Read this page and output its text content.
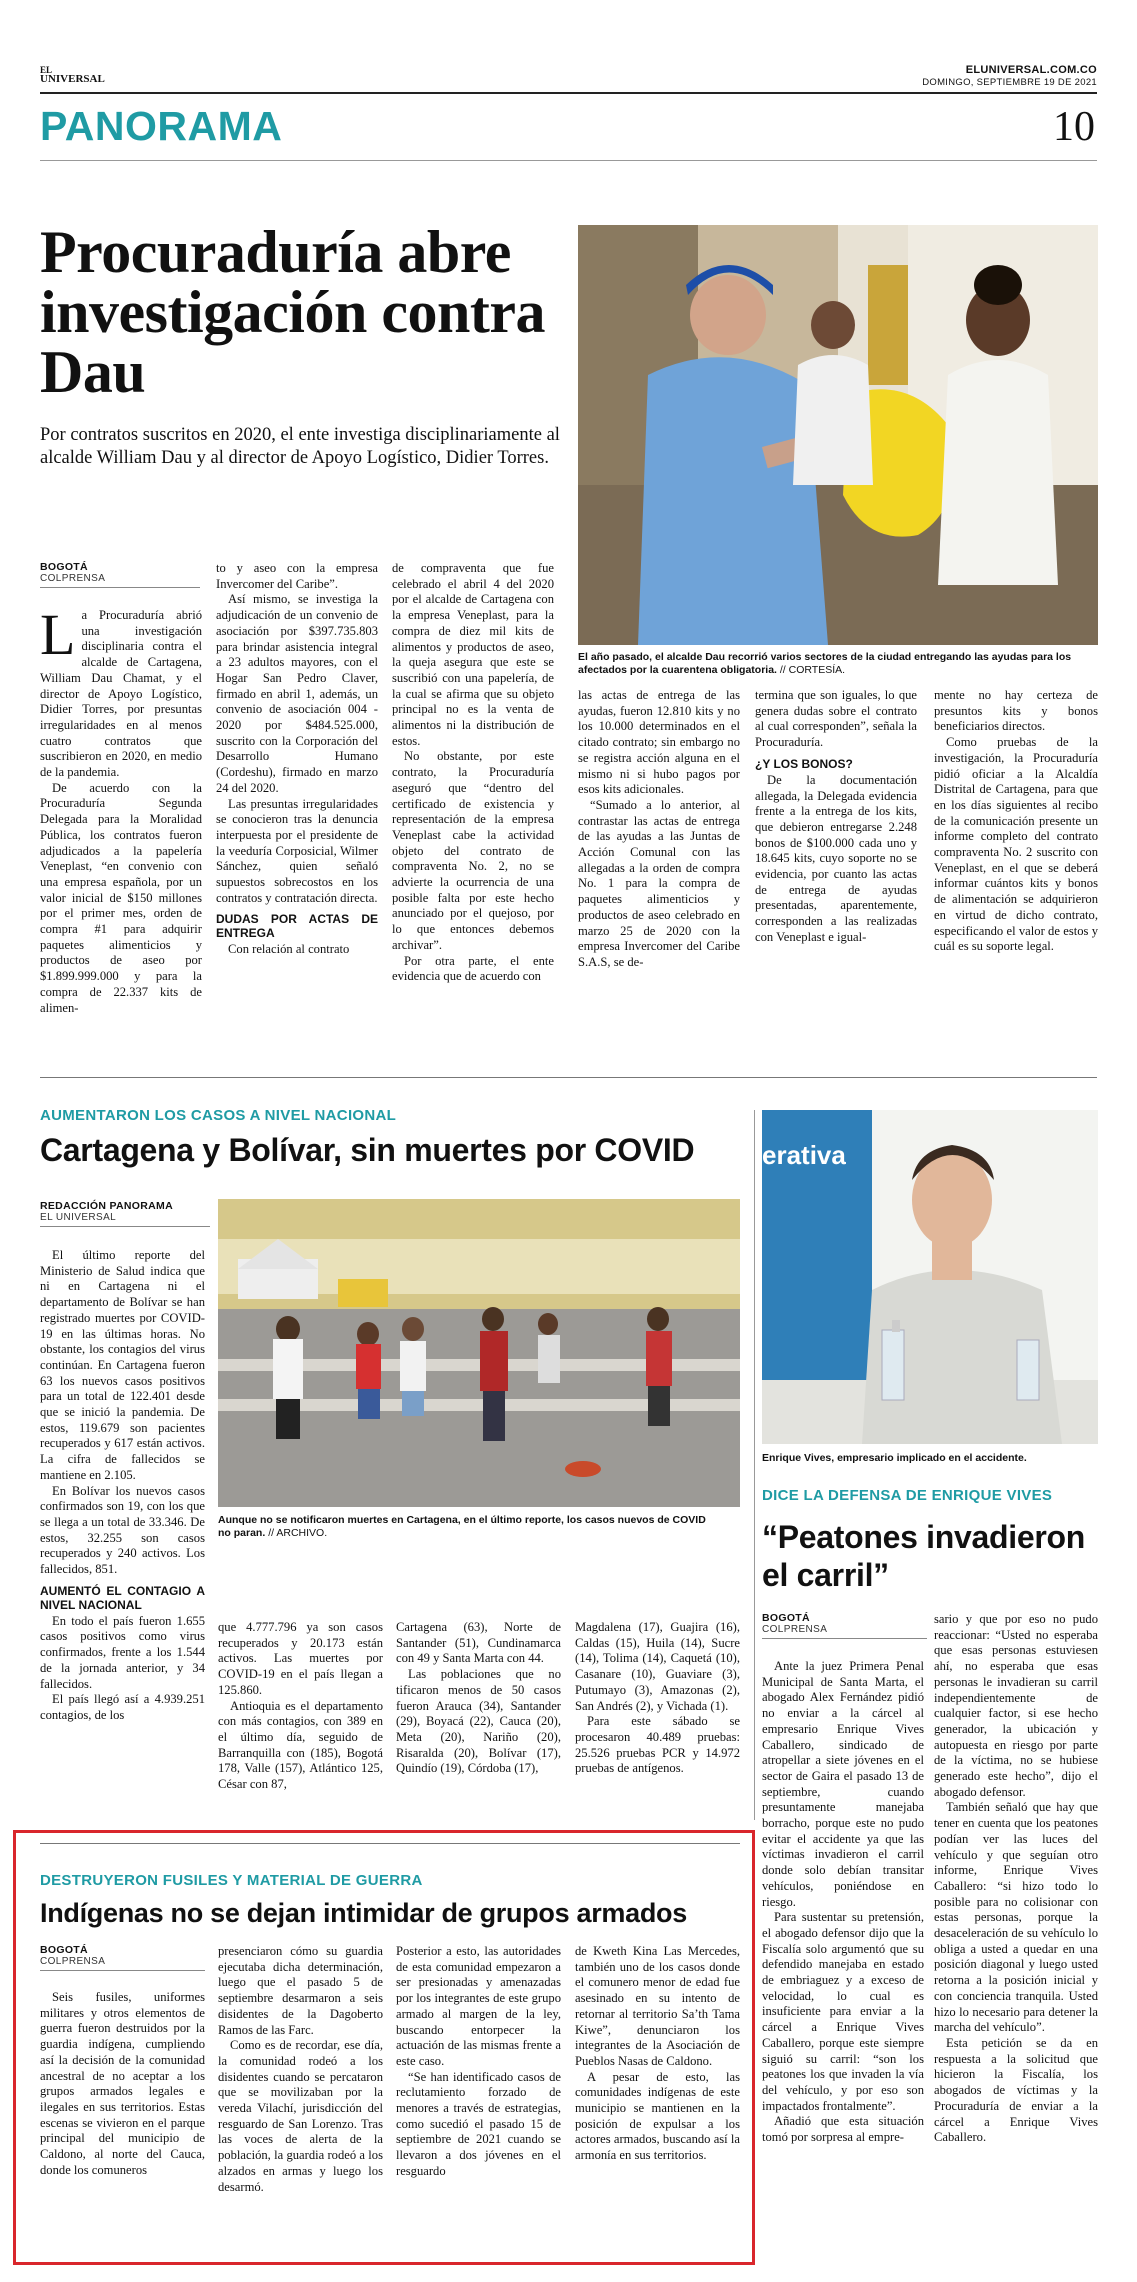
EL
UNIVERSAL
ELUNIVERSAL.COM.CO
DOMINGO, SEPTIEMBRE 19 DE 2021
PANORAMA	10
Procuraduría abre investigación contra Dau
Por contratos suscritos en 2020, el ente investiga disciplinariamente al alcalde William Dau y al director de Apoyo Logístico, Didier Torres.
El año pasado, el alcalde Dau recorrió varios sectores de la ciudad entregando las ayudas para los afectados por la cuarentena obligatoria. // CORTESÍA.
BOGOTÁ
COLPRENSA

La Procuraduría abrió una investigación disciplinaria contra el alcalde de Cartagena, William Dau Chamat, y el director de Apoyo Logístico, Didier Torres, por presuntas irregularidades en al menos cuatro contratos que suscribieron en 2020, en medio de la pandemia.

De acuerdo con la Procuraduría Segunda Delegada para la Moralidad Pública, los contratos fueron adjudicados a la papelería Veneplast, “en convenio con una empresa española, por un valor inicial de $150 millones por el primer mes, orden de compra #1 para adquirir paquetes alimenticios y productos de aseo por $1.899.999.000 y para la compra de 22.337 kits de alimen-

to y aseo con la empresa Invercomer del Caribe”.

Así mismo, se investiga la adjudicación de un convenio de asociación por $397.735.803 para brindar asistencia integral a 23 adultos mayores, con el Hogar San Pedro Claver, firmado en abril 1, además, un convenio de asociación 004 - 2020 por $484.525.000, suscrito con la Corporación del Desarrollo Humano (Cordeshu), firmado en marzo 24 del 2020.

Las presuntas irregularidades se conocieron tras la denuncia interpuesta por el presidente de la veeduría Corposicial, Wilmer Sánchez, quien señaló supuestos sobrecostos en los contratos y contratación directa.

DUDAS POR ACTAS DE ENTREGA

Con relación al contrato

de compraventa que fue celebrado el abril 4 del 2020 por el alcalde de Cartagena con la empresa Veneplast, para la compra de diez mil kits de alimentos y productos de aseo, la queja asegura que este se suscribió con una papelería, de la cual se afirma que su objeto principal no es la venta de alimentos ni la distribución de estos.

No obstante, por este contrato, la Procuraduría aseguró que “dentro del certificado de existencia y representación de la empresa Veneplast cabe la actividad objeto del contrato de compraventa No. 2, no se advierte la ocurrencia de una posible falta por este hecho anunciado por el quejoso, por lo que entonces debemos archivar”.

Por otra parte, el ente evidencia que de acuerdo con

las actas de entrega de las ayudas, fueron 12.810 kits y no los 10.000 determinados en el citado contrato; sin embargo no se registra acción alguna en el mismo ni si hubo pagos por esos kits adicionales.

“Sumado a lo anterior, al contrastar las actas de entrega de las ayudas a las Juntas de Acción Comunal con las allegadas a la orden de compra No. 1 para la compra de paquetes alimenticios y productos de aseo celebrado en marzo 25 de 2020 con la empresa Invercomer del Caribe S.A.S, se de-

termina que son iguales, lo que genera dudas sobre el contrato al cual corresponden”, señala la Procuraduría.

¿Y LOS BONOS?

De la documentación allegada, la Delegada evidencia frente a la entrega de los kits, que debieron entregarse 2.248 bonos de $100.000 cada uno y 18.645 kits, cuyo soporte no se evidencia, por cuanto las actas de entrega de ayudas presentadas, aparentemente, corresponden a las realizadas con Veneplast e igual-

mente no hay certeza de presuntos kits y bonos beneficiarios directos.

Como pruebas de la investigación, la Procuraduría pidió oficiar a la Alcaldía Distrital de Cartagena, para que en los días siguientes al recibo de la comunicación presente un informe completo del contrato compraventa No. 2 suscrito con Veneplast, en el que se deberá informar cuántos kits y bonos de alimentación se adquirieron en virtud de dicho contrato, especificando el valor de estos y cuál es su soporte legal.

AUMENTARON LOS CASOS A NIVEL NACIONAL
Cartagena y Bolívar, sin muertes por COVID
REDACCIÓN PANORAMA
EL UNIVERSAL
Aunque no se notificaron muertes en Cartagena, en el último reporte, los casos nuevos de COVID no paran. // ARCHIVO.

El último reporte del Ministerio de Salud indica que ni en Cartagena ni el departamento de Bolívar se han registrado muertes por COVID-19 en las últimas horas. No obstante, los contagios del virus continúan. En Cartagena fueron 63 los nuevos casos positivos para un total de 122.401 desde que se inició la pandemia. De estos, 119.679 son pacientes recuperados y 617 están activos. La cifra de fallecidos se mantiene en 2.105.

En Bolívar los nuevos casos confirmados son 19, con los que se llega a un total de 33.346. De estos, 32.255 son casos recuperados y 240 activos. Los fallecidos, 851.

AUMENTÓ EL CONTAGIO A NIVEL NACIONAL

En todo el país fueron 1.655 casos positivos como virus confirmados, frente a los 1.544 de la jornada anterior, y 34 fallecidos.

El país llegó así a 4.939.251 contagios, de los

que 4.777.796 ya son casos recuperados y 20.173 están activos. Las muertes por COVID-19 en el país llegan a 125.860.

Antioquia es el departamento con más contagios, con 389 en el último día, seguido de Barranquilla con (185), Bogotá 178, Valle (157), Atlántico 125, César con 87,

Cartagena (63), Norte de Santander (51), Cundinamarca con 49 y Santa Marta con 44.

Las poblaciones que no tificaron menos de 50 casos fueron Arauca (34), Santander (29), Boyacá (22), Cauca (20), Meta (20), Nariño (20), Risaralda (20), Bolívar (17), Quindío (19), Córdoba (17),

Magdalena (17), Guajira (16), Caldas (15), Huila (14), Sucre (14), Tolima (14), Caquetá (10), Casanare (10), Guaviare (3), Putumayo (3), Amazonas (2), San Andrés (2), y Vichada (1).

Para este sábado se procesaron 40.489 pruebas: 25.526 pruebas PCR y 14.972 pruebas de antígenos.

erativa
Enrique Vives, empresario implicado en el accidente.
DICE LA DEFENSA DE ENRIQUE VIVES
“Peatones invadieron el carril”
BOGOTÁ
COLPRENSA

Ante la juez Primera Penal Municipal de Santa Marta, el abogado Alex Fernández pidió no enviar a la cárcel al empresario Enrique Vives Caballero, sindicado de atropellar a siete jóvenes en el sector de Gaira el pasado 13 de septiembre, cuando presuntamente manejaba borracho, porque este no pudo evitar el accidente ya que las víctimas invadieron el carril donde solo debían transitar vehículos, poniéndose en riesgo.

Para sustentar su pretensión, el abogado defensor dijo que la Fiscalía solo argumentó que su defendido manejaba en estado de embriaguez y a exceso de velocidad, lo cual es insuficiente para enviar a la cárcel a Enrique Vives Caballero, porque este siempre siguió su carril: “son los peatones los que invaden la vía del vehículo, y por eso son impactados frontalmente”.

Añadió que esta situación tomó por sorpresa al empre-

sario y que por eso no pudo reaccionar: “Usted no esperaba que esas personas estuviesen ahí, no esperaba que esas personas le invadieran su carril independientemente de cualquier factor, si ese hecho generador, la ubicación y autopuesta en riesgo por parte de la víctima, no se hubiese generado este hecho”, dijo el abogado defensor.

También señaló que hay que tener en cuenta que los peatones podían ver las luces del vehículo y que seguían otro informe, Enrique Vives Caballero: “si hizo todo lo posible para no colisionar con estas personas, porque la desaceleración de su vehículo lo obliga a usted a quedar en una posición diagonal y luego usted retorna a la posición inicial y con conciencia tranquila. Usted hizo lo necesario para detener la marcha del vehículo”.

Esta petición se da en respuesta a la solicitud que hicieron la Fiscalía, los abogados de víctimas y la Procuraduría de enviar a la cárcel a Enrique Vives Caballero.

DESTRUYERON FUSILES Y MATERIAL DE GUERRA
Indígenas no se dejan intimidar de grupos armados
BOGOTÁ
COLPRENSA

Seis fusiles, uniformes militares y otros elementos de guerra fueron destruidos por la guardia indígena, cumpliendo así la decisión de la comunidad ancestral de no aceptar a los grupos armados legales e ilegales en sus territorios. Estas escenas se vivieron en el parque principal del municipio de Caldono, al norte del Cauca, donde los comuneros

presenciaron cómo su guardia ejecutaba dicha determinación, luego que el pasado 5 de septiembre desarmaron a seis disidentes de la Dagoberto Ramos de las Farc.

Como es de recordar, ese día, la comunidad rodeó a los disidentes cuando se percataron que se movilizaban por la vereda Vilachí, jurisdicción del resguardo de San Lorenzo. Tras las voces de alerta de la población, la guardia rodeó a los alzados en armas y luego los desarmó.

Posterior a esto, las autoridades de esta comunidad empezaron a ser presionadas y amenazadas por los integrantes de este grupo armado al margen de la ley, buscando entorpecer la actuación de las mismas frente a este caso.

“Se han identificado casos de reclutamiento forzado de menores a través de estrategias, como sucedió el pasado 15 de septiembre de 2021 cuando se llevaron a dos jóvenes en el resguardo

de Kweth Kina Las Mercedes, también uno de los casos donde el comunero menor de edad fue asesinado en su intento de retornar al territorio Sa’th Tama Kiwe”, denunciaron los integrantes de la Asociación de Pueblos Nasas de Caldono.

A pesar de esto, las comunidades indígenas de este municipio se mantienen en la posición de expulsar a los actores armados, buscando así la armonía en sus territorios.
